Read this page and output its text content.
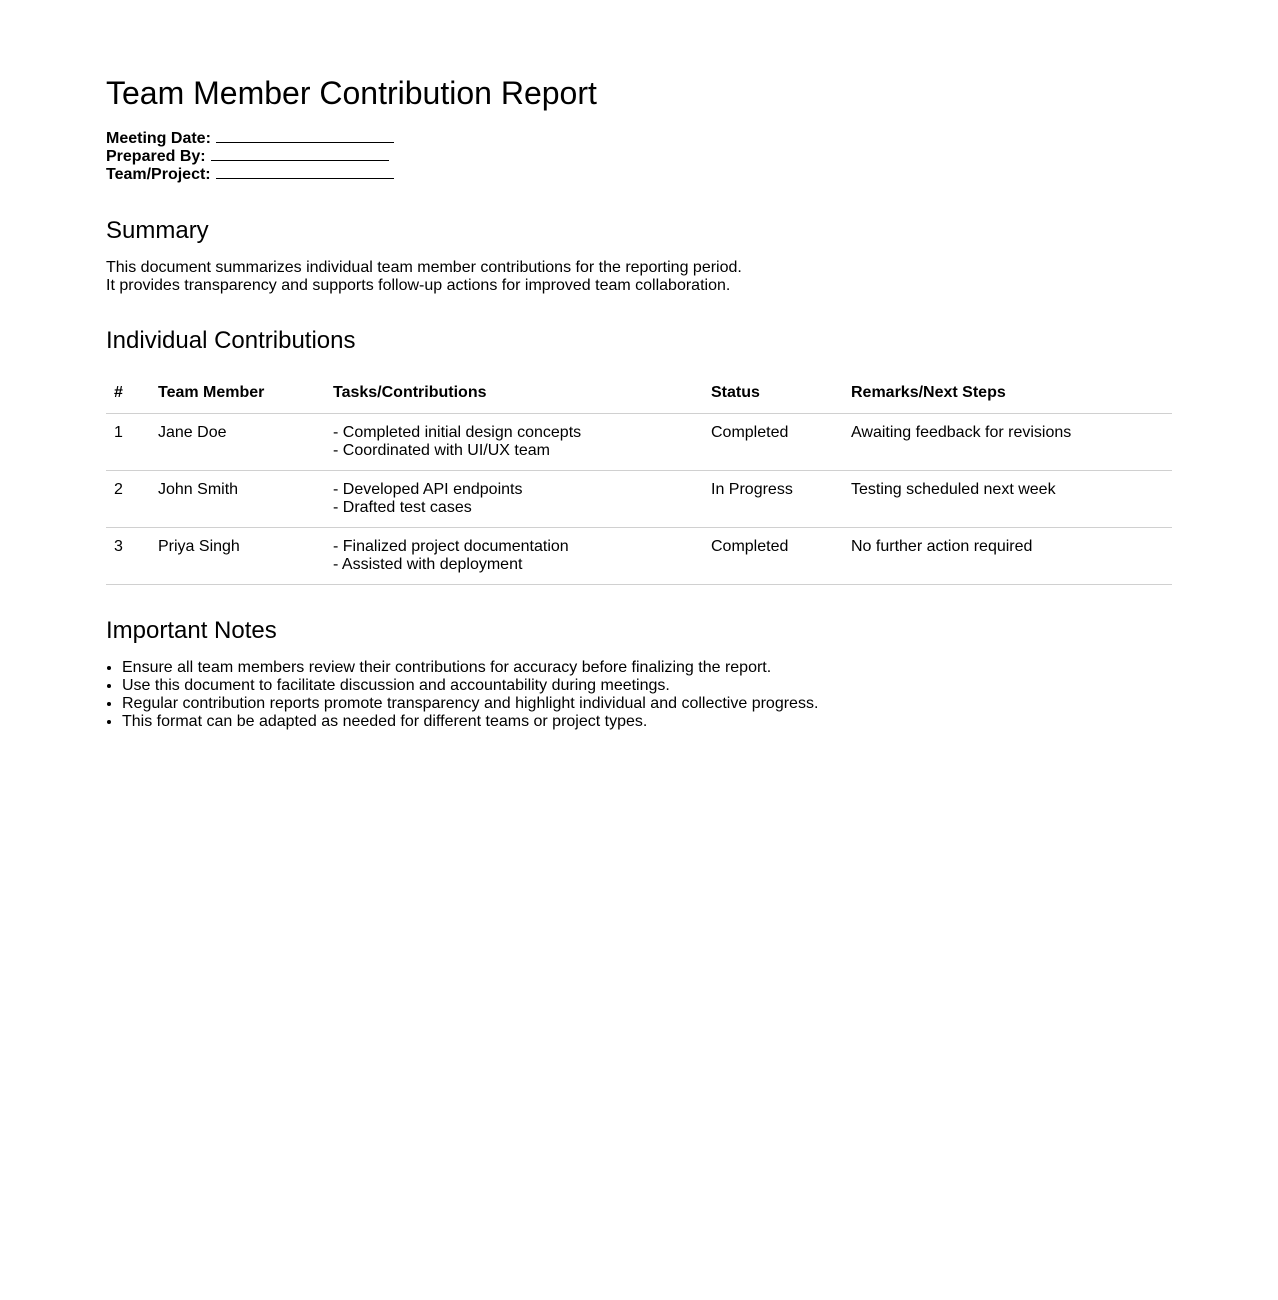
Team Member Contribution Report
Meeting Date:
Prepared By:
Team/Project:
Summary
This document summarizes individual team member contributions for the reporting period.
It provides transparency and supports follow-up actions for improved team collaboration.
Individual Contributions
#	Team Member	Tasks/Contributions	Status	Remarks/Next Steps
1	Jane Doe	- Completed initial design concepts
- Coordinated with UI/UX team	Completed	Awaiting feedback for revisions
2	John Smith	- Developed API endpoints
- Drafted test cases	In Progress	Testing scheduled next week
3	Priya Singh	- Finalized project documentation
- Assisted with deployment	Completed	No further action required
Important Notes
• Ensure all team members review their contributions for accuracy before finalizing the report.
• Use this document to facilitate discussion and accountability during meetings.
• Regular contribution reports promote transparency and highlight individual and collective progress.
• This format can be adapted as needed for different teams or project types.
